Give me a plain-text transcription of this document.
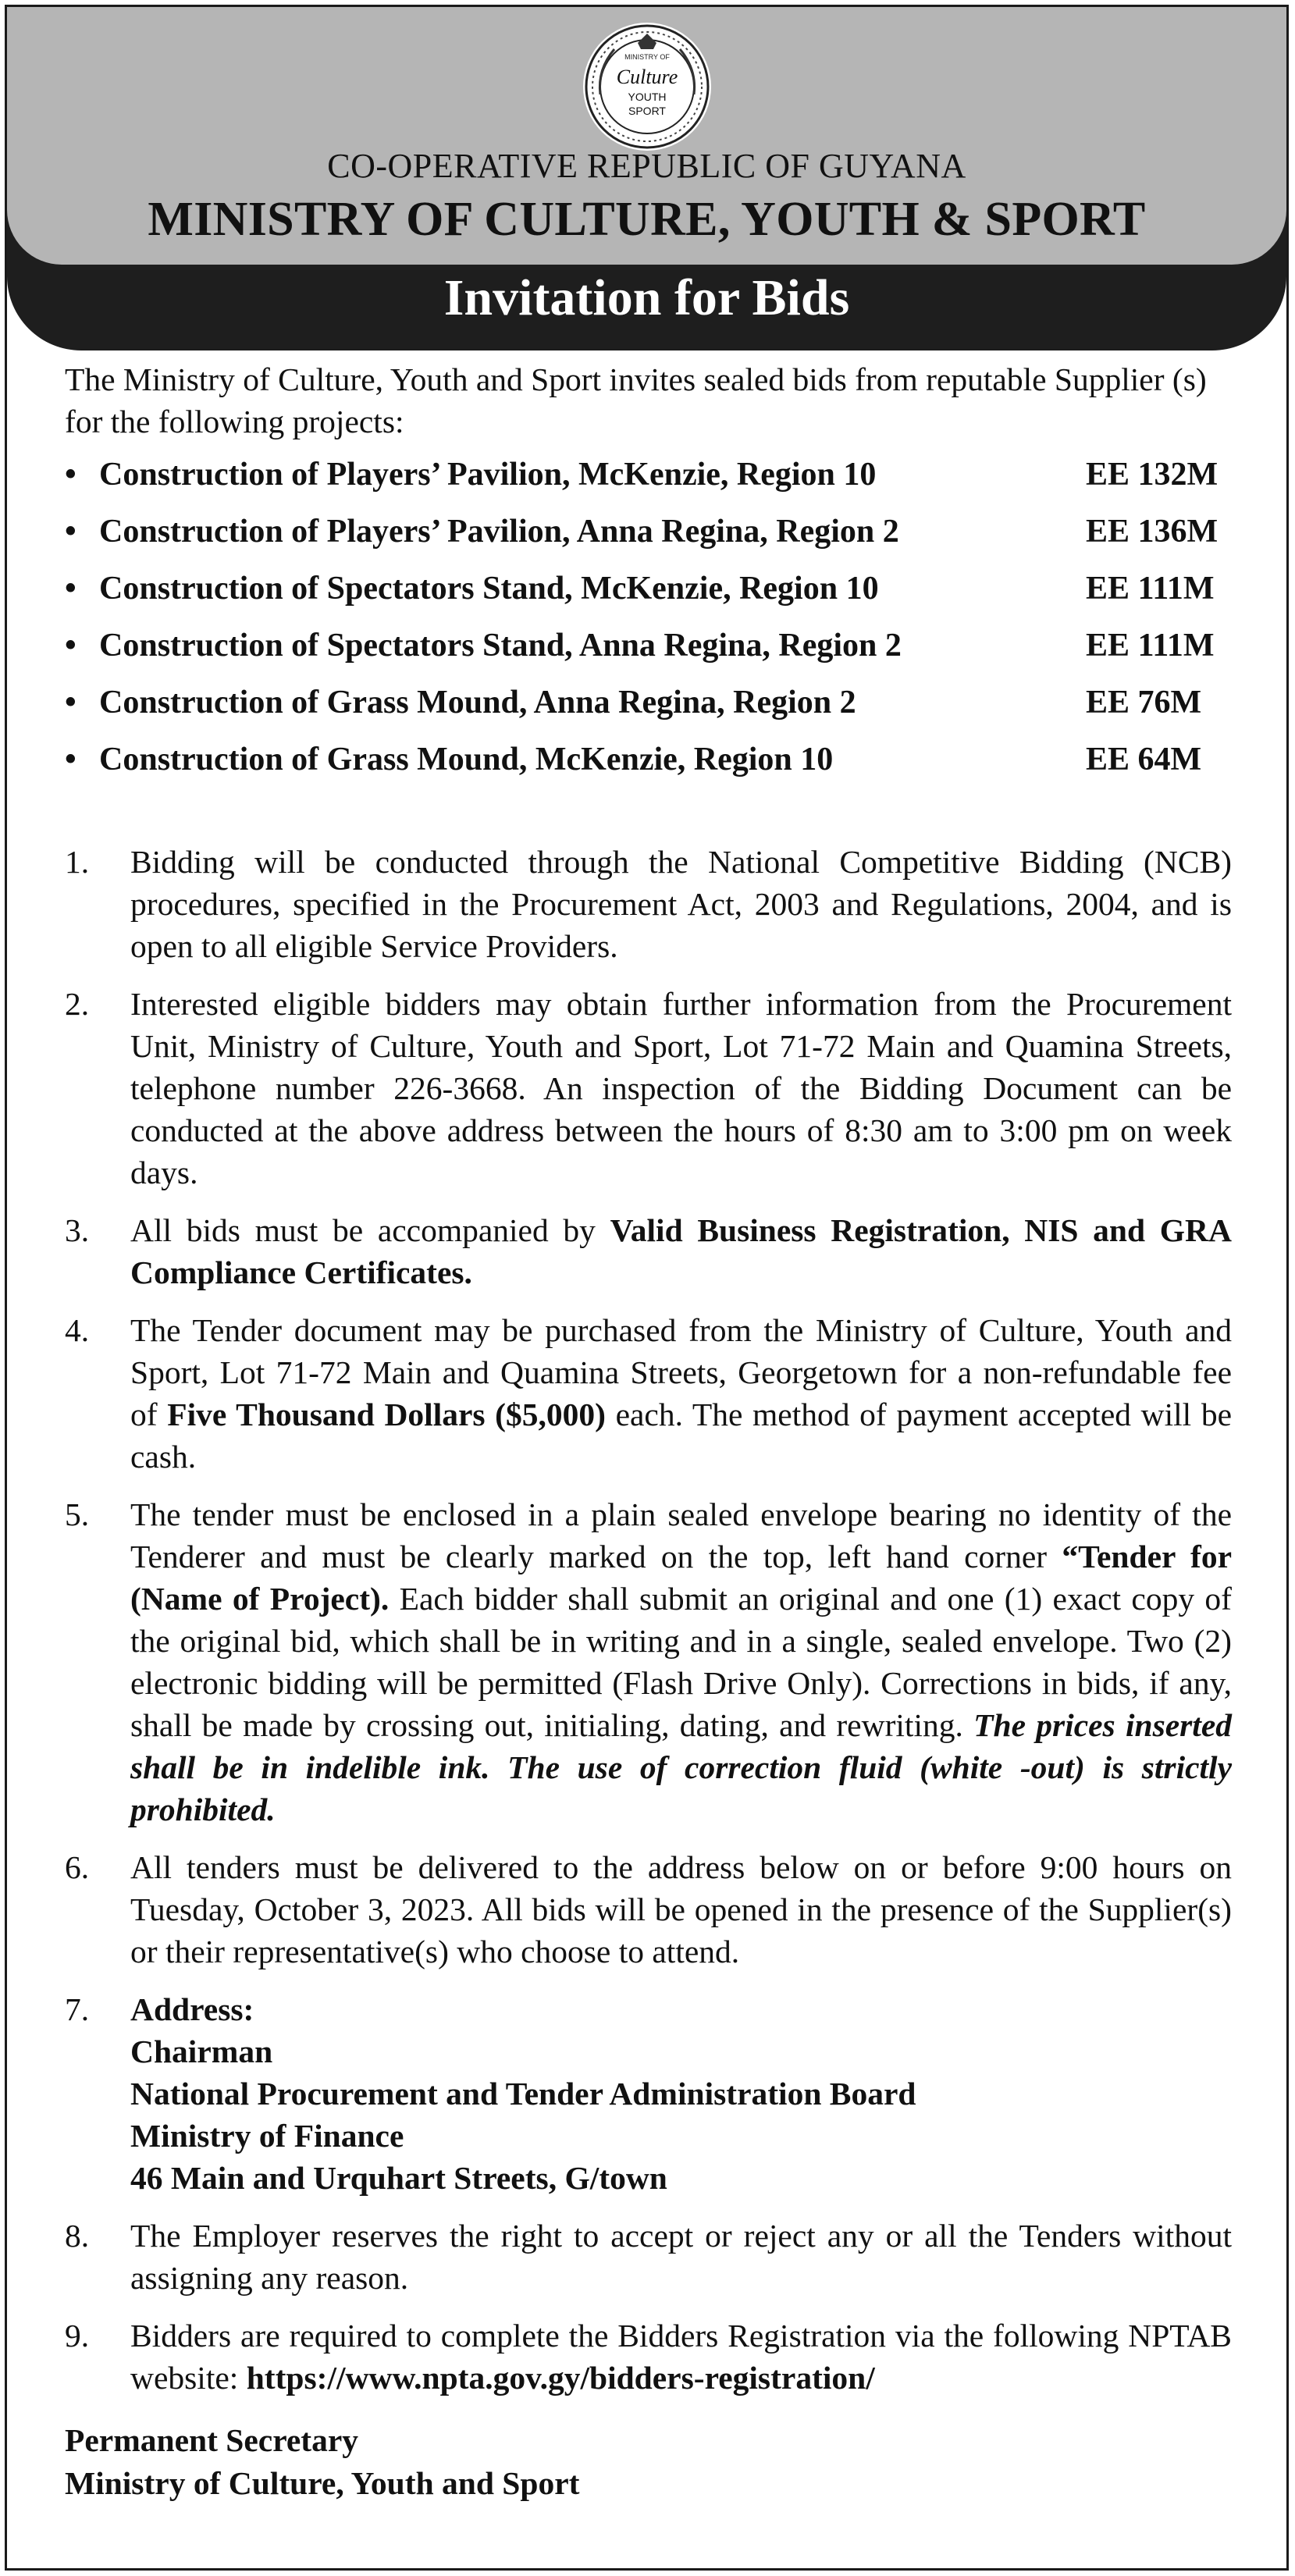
MINISTRY OF
Culture
YOUTH
SPORT
CO-OPERATIVE REPUBLIC OF GUYANA
MINISTRY OF CULTURE, YOUTH & SPORT
Invitation for Bids

The Ministry of Culture, Youth and Sport invites sealed bids from reputable Supplier (s) for the following projects:

• Construction of Players’ Pavilion, McKenzie, Region 10	EE 132M
• Construction of Players’ Pavilion, Anna Regina, Region 2	EE 136M
• Construction of Spectators Stand, McKenzie, Region 10	EE 111M
• Construction of Spectators Stand, Anna Regina, Region 2	EE 111M
• Construction of Grass Mound, Anna Regina, Region 2	EE 76M
• Construction of Grass Mound, McKenzie, Region 10	EE 64M
1.	Bidding will be conducted through the National Competitive Bidding (NCB) procedures, specified in the Procurement Act, 2003 and Regulations, 2004, and is open to all eligible Service Providers.
2.	Interested eligible bidders may obtain further information from the Procurement Unit, Ministry of Culture, Youth and Sport, Lot 71-72 Main and Quamina Streets, telephone number 226-3668. An inspection of the Bidding Document can be conducted at the above address between the hours of 8:30 am to 3:00 pm on week days.
3.	All bids must be accompanied by Valid Business Registration, NIS and GRA Compliance Certificates.
4.	The Tender document may be purchased from the Ministry of Culture, Youth and Sport, Lot 71-72 Main and Quamina Streets, Georgetown for a non-refundable fee of Five Thousand Dollars ($5,000) each. The method of payment accepted will be cash.
5.	The tender must be enclosed in a plain sealed envelope bearing no identity of the Tenderer and must be clearly marked on the top, left hand corner “Tender for (Name of Project). Each bidder shall submit an original and one (1) exact copy of the original bid, which shall be in writing and in a single, sealed envelope. Two (2) electronic bidding will be permitted (Flash Drive Only). Corrections in bids, if any, shall be made by crossing out, initialing, dating, and rewriting. The prices inserted shall be in indelible ink. The use of correction fluid (white -out) is strictly prohibited.
6.	All tenders must be delivered to the address below on or before 9:00 hours on Tuesday, October 3, 2023. All bids will be opened in the presence of the Supplier(s) or their representative(s) who choose to attend.
7.	Address:
Chairman
National Procurement and Tender Administration Board
Ministry of Finance
46 Main and Urquhart Streets, G/town
8.	The Employer reserves the right to accept or reject any or all the Tenders without assigning any reason.
9.	Bidders are required to complete the Bidders Registration via the following NPTAB website: https://www.npta.gov.gy/bidders-registration/
Permanent Secretary
Ministry of Culture, Youth and Sport
